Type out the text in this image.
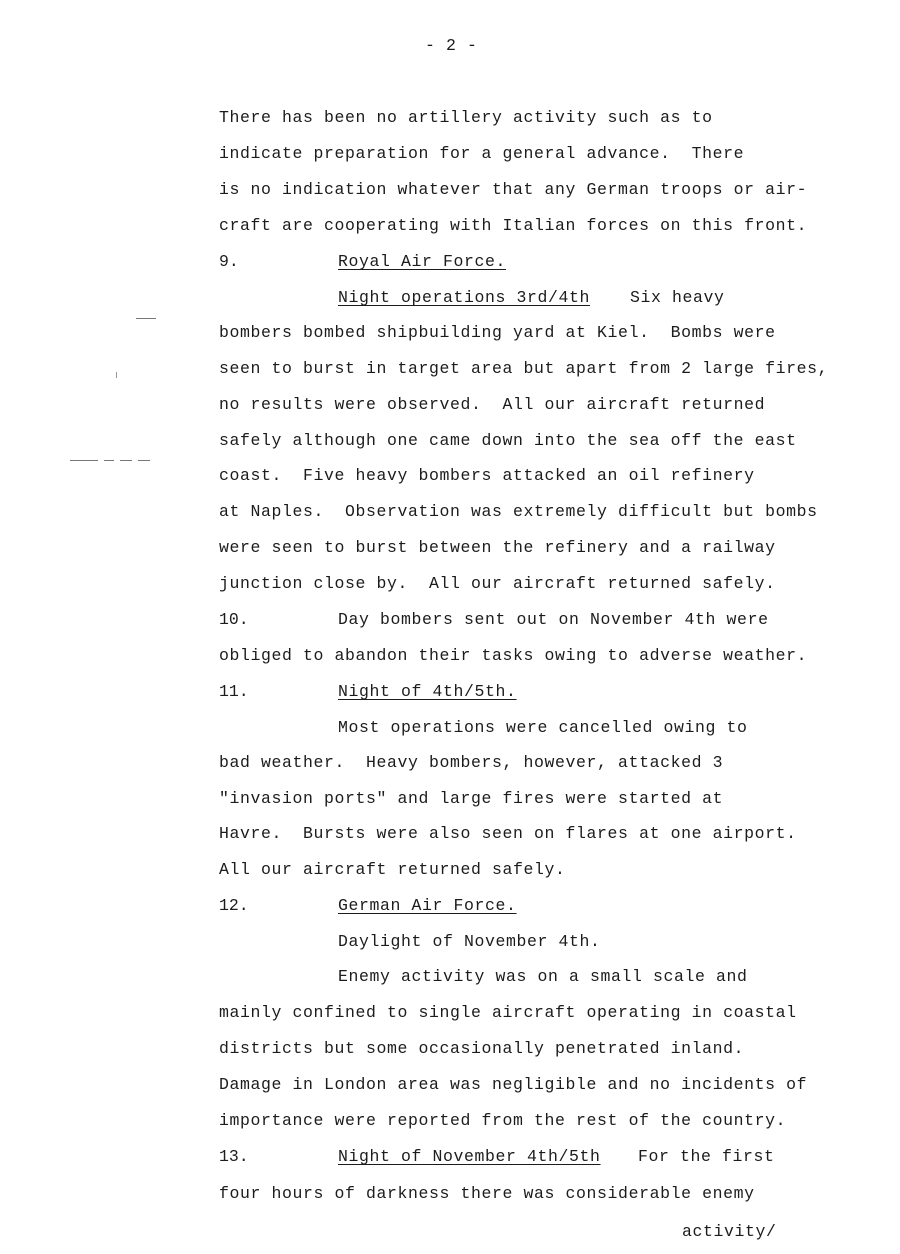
- 2 -
There has been no artillery activity such as to
indicate preparation for a general advance.  There
is no indication whatever that any German troops or air-
craft are cooperating with Italian forces on this front.
9.	Royal Air Force.
Night operations 3rd/4th Six heavy
bombers bombed shipbuilding yard at Kiel.  Bombs were
seen to burst in target area but apart from 2 large fires,
no results were observed.  All our aircraft returned
safely although one came down into the sea off the east
coast.  Five heavy bombers attacked an oil refinery
at Naples.  Observation was extremely difficult but bombs
were seen to burst between the refinery and a railway
junction close by.  All our aircraft returned safely.
10.	Day bombers sent out on November 4th were
obliged to abandon their tasks owing to adverse weather.
11.	Night of 4th/5th.
Most operations were cancelled owing to
bad weather.  Heavy bombers, however, attacked 3
"invasion ports" and large fires were started at
Havre.  Bursts were also seen on flares at one airport.
All our aircraft returned safely.
12.	German Air Force.
Daylight of November 4th.
Enemy activity was on a small scale and
mainly confined to single aircraft operating in coastal
districts but some occasionally penetrated inland.
Damage in London area was negligible and no incidents of
importance were reported from the rest of the country.
13.	Night of November 4th/5th For the first
four hours of darkness there was considerable enemy
activity/
